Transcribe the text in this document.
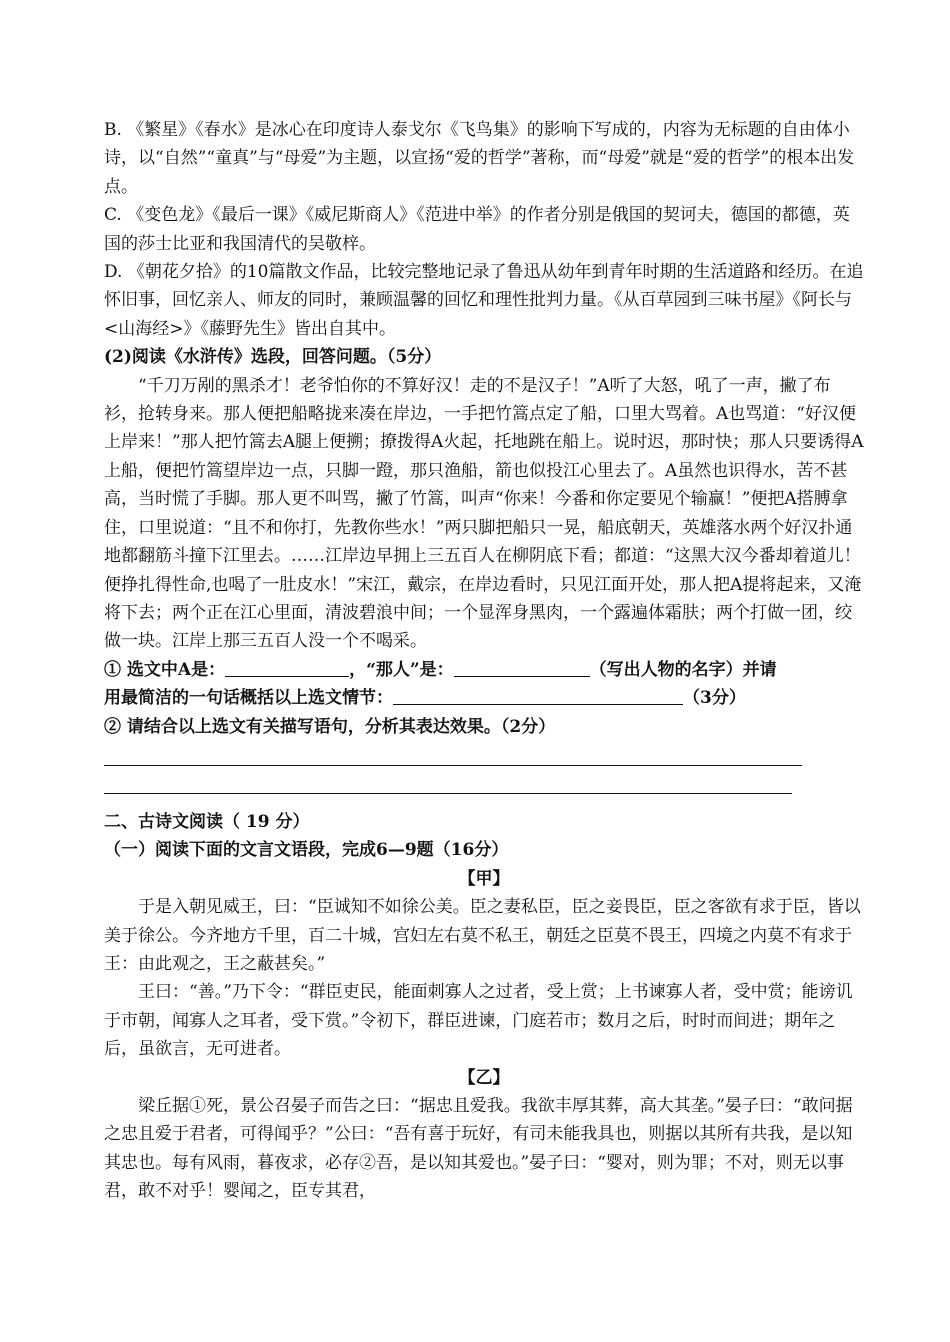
B. 《繁星》《春水》是冰心在印度诗人泰戈尔《飞鸟集》的影响下写成的，内容为无标题的自由体小诗，以“自然”“童真”与“母爱”为主题，以宣扬“爱的哲学”著称，而“母爱”就是“爱的哲学”的根本出发点。

C. 《变色龙》《最后一课》《威尼斯商人》《范进中举》的作者分别是俄国的契诃夫，德国的都德，英国的莎士比亚和我国清代的吴敬梓。

D. 《朝花夕拾》的10篇散文作品，比较完整地记录了鲁迅从幼年到青年时期的生活道路和经历。在追怀旧事，回忆亲人、师友的同时，兼顾温馨的回忆和理性批判力量。《从百草园到三味书屋》《阿长与<山海经>》《藤野先生》皆出自其中。

(2)阅读《水浒传》选段，回答问题。（5分）

“千刀万剐的黑杀才！老爷怕你的不算好汉！走的不是汉子！”A听了大怒，吼了一声，撇了布衫，抢转身来。那人便把船略拢来凑在岸边，一手把竹篙点定了船，口里大骂着。A也骂道：“好汉便上岸来！”那人把竹篙去A腿上便搠；撩拨得A火起，托地跳在船上。说时迟，那时快；那人只要诱得A上船，便把竹篙望岸边一点，只脚一蹬，那只渔船，箭也似投江心里去了。A虽然也识得水，苦不甚高，当时慌了手脚。那人更不叫骂，撇了竹篙，叫声“你来！今番和你定要见个输赢！”便把A搭膊拿住，口里说道：“且不和你打，先教你些水！”两只脚把船只一晃，船底朝天，英雄落水两个好汉扑通地都翻筋斗撞下江里去。……江岸边早拥上三五百人在柳阴底下看；都道：“这黑大汉今番却着道儿！便挣扎得性命,也喝了一肚皮水！”宋江，戴宗，在岸边看时，只见江面开处，那人把A提将起来，又淹将下去；两个正在江心里面，清波碧浪中间；一个显浑身黑肉，一个露遍体霜肤；两个打做一团，绞做一块。江岸上那三五百人没一个不喝采。

① 选文中A是：	，“那人”是：	（写出人物的名字）并请
用最简洁的一句话概括以上选文情节：	（3分）

② 请结合以上选文有关描写语句，分析其表达效果。（2分）

二、古诗文阅读（ 19 分）

（一）阅读下面的文言文语段，完成6—9题（16分）

【甲】

于是入朝见威王，曰：“臣诚知不如徐公美。臣之妻私臣，臣之妾畏臣，臣之客欲有求于臣，皆以美于徐公。今齐地方千里，百二十城，宫妇左右莫不私王，朝廷之臣莫不畏王，四境之内莫不有求于王：由此观之，王之蔽甚矣。”

王曰：“善。”乃下令：“群臣吏民，能面刺寡人之过者，受上赏；上书谏寡人者，受中赏；能谤讥于市朝，闻寡人之耳者，受下赏。”令初下，群臣进谏，门庭若市；数月之后，时时而间进；期年之后，虽欲言，无可进者。

【乙】

梁丘据①死，景公召晏子而告之曰：“据忠且爱我。我欲丰厚其葬，高大其垄。”晏子曰：“敢问据之忠且爱于君者，可得闻乎？”公曰：“吾有喜于玩好，有司未能我具也，则据以其所有共我，是以知其忠也。每有风雨，暮夜求，必存②吾，是以知其爱也。”晏子曰：“婴对，则为罪；不对，则无以事君，敢不对乎！婴闻之，臣专其君，
